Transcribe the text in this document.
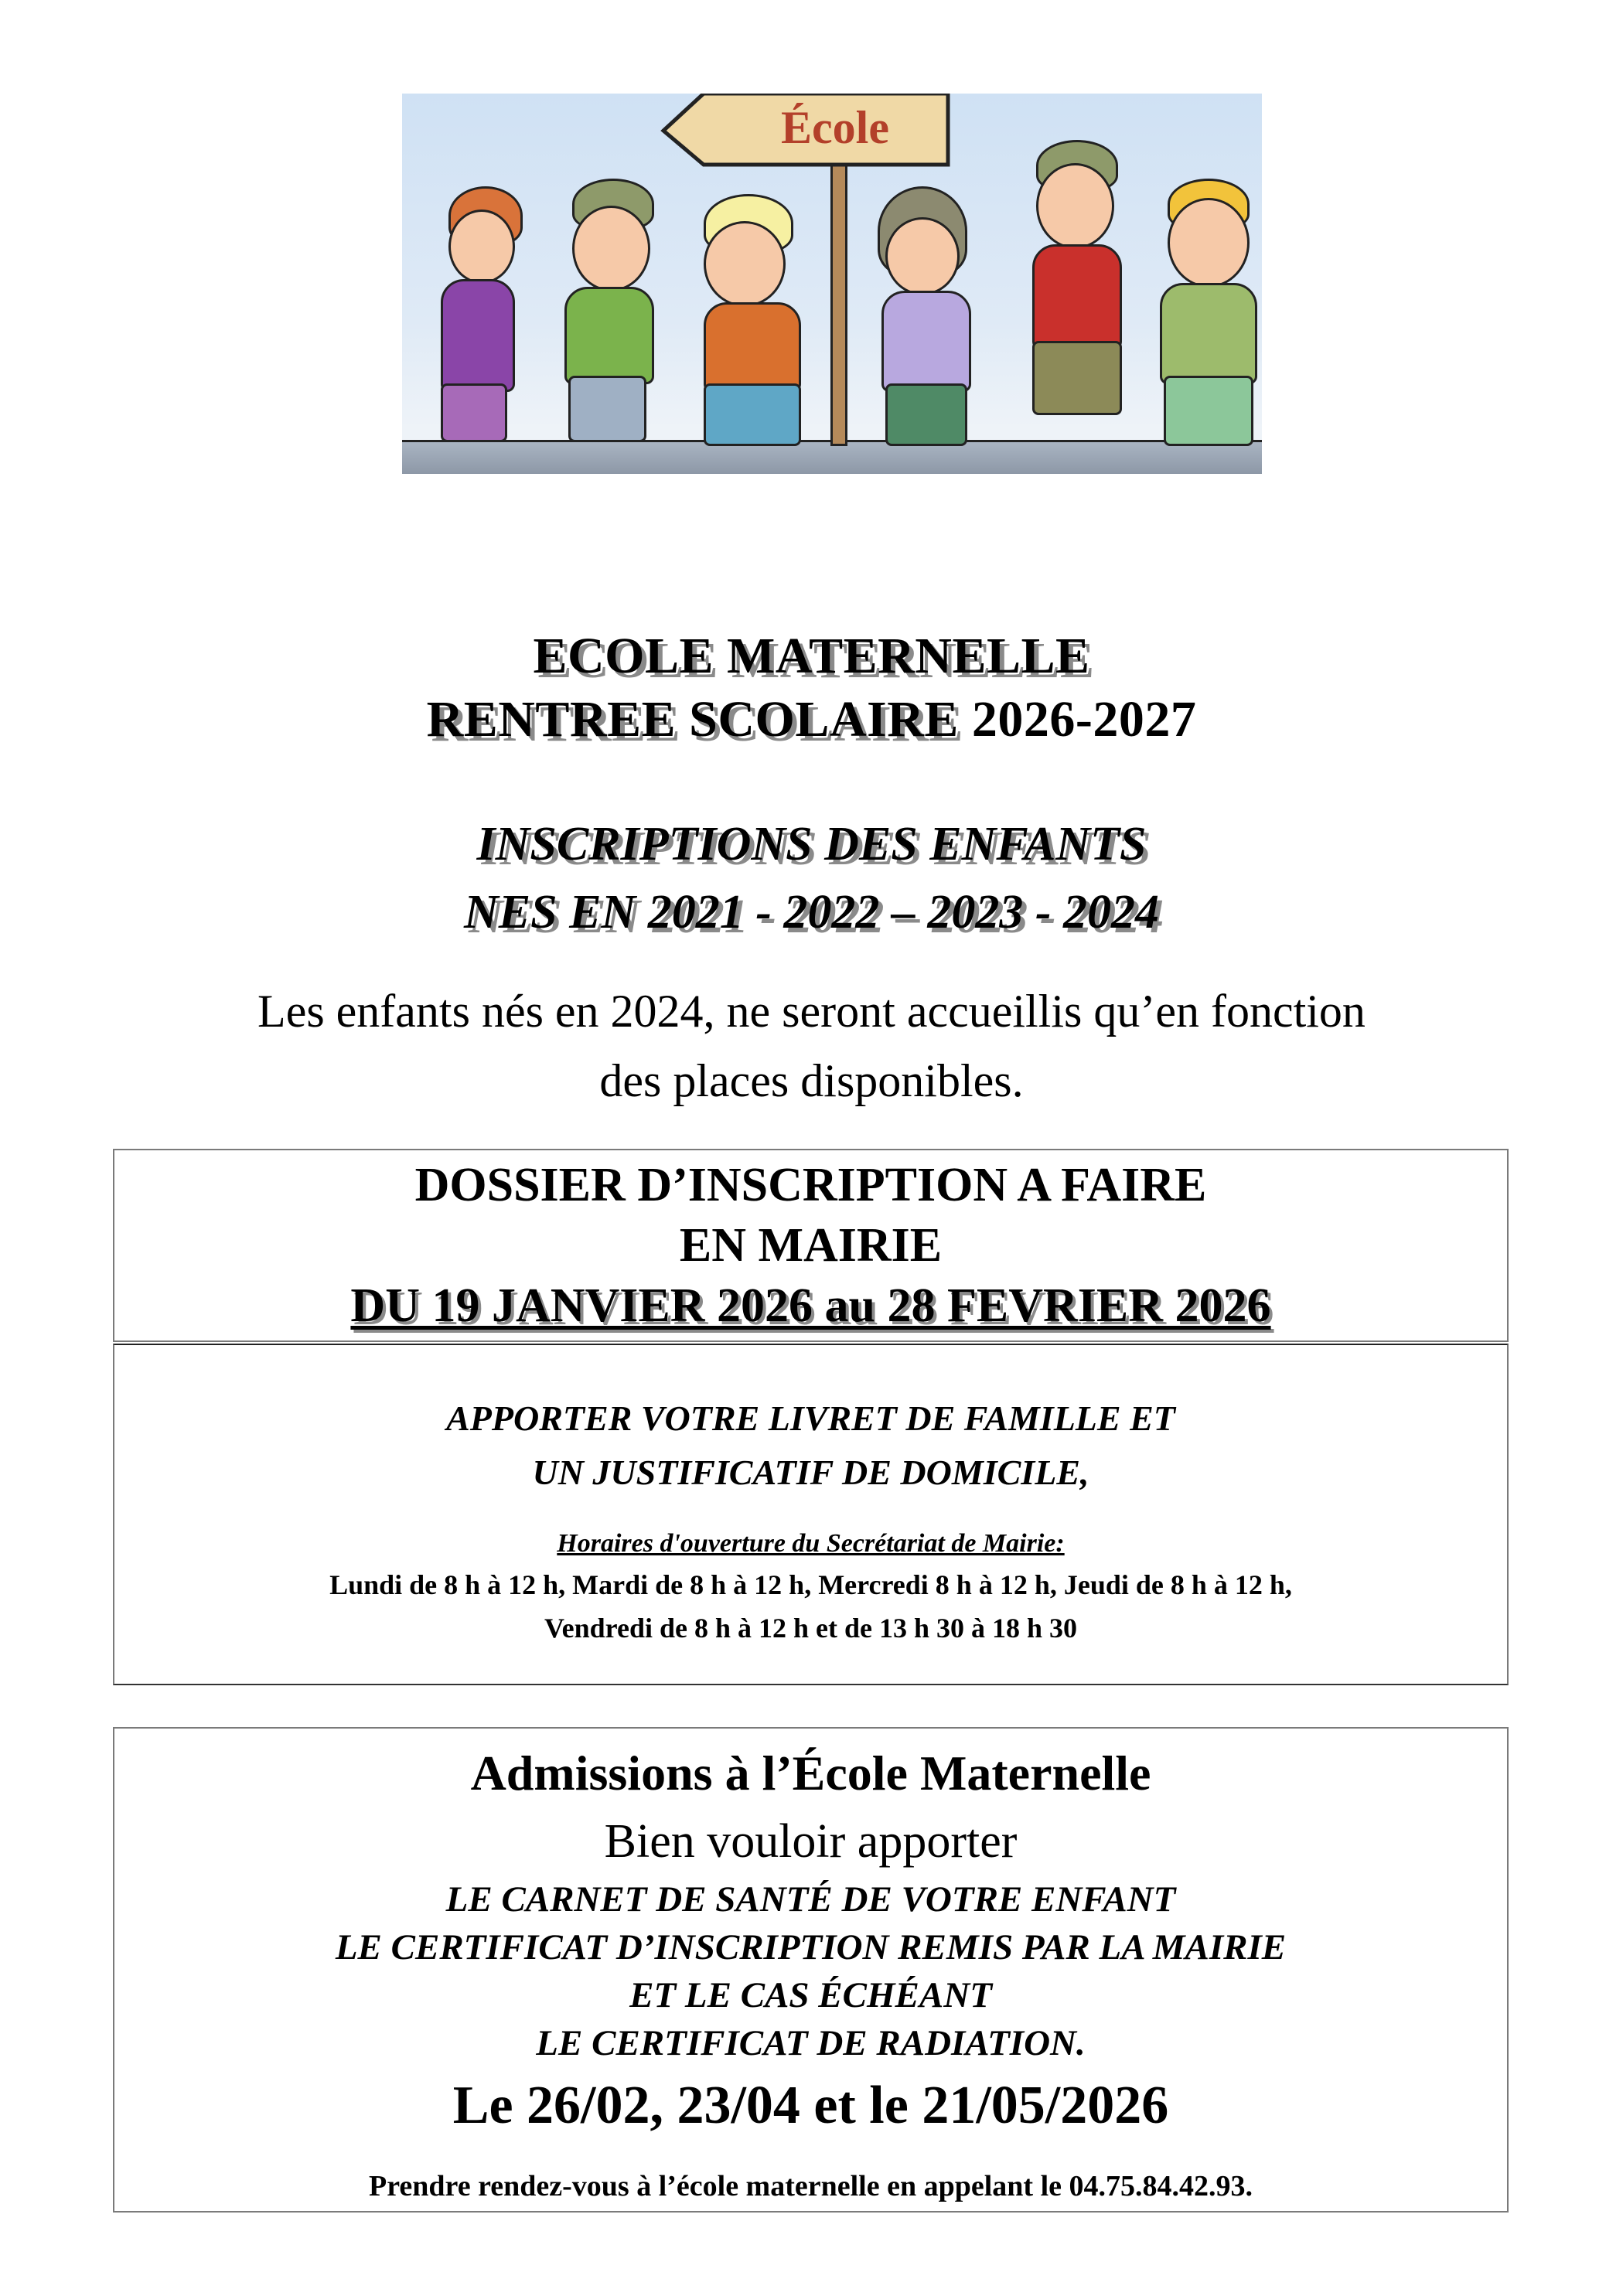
École
ECOLE MATERNELLE
RENTREE SCOLAIRE 2026-2027
INSCRIPTIONS DES ENFANTS
NES EN 2021 - 2022 – 2023 - 2024
Les enfants nés en 2024, ne seront accueillis qu’en fonction
des places disponibles.
DOSSIER D’INSCRIPTION A FAIRE
EN MAIRIE
DU 19 JANVIER 2026 au 28 FEVRIER 2026
APPORTER VOTRE LIVRET DE FAMILLE ET
UN JUSTIFICATIF DE DOMICILE,
Horaires d'ouverture du Secrétariat de Mairie:
Lundi de 8 h à 12 h, Mardi de 8 h à 12 h, Mercredi 8 h à 12 h, Jeudi de 8 h à 12 h,
Vendredi de 8 h à 12 h et de 13 h 30 à 18 h 30
Admissions à l’École Maternelle
Bien vouloir apporter
LE CARNET DE SANTÉ DE VOTRE ENFANT
LE CERTIFICAT D’INSCRIPTION REMIS PAR LA MAIRIE
ET LE CAS ÉCHÉANT
LE CERTIFICAT DE RADIATION.
Le 26/02, 23/04 et le 21/05/2026
Prendre rendez-vous à l’école maternelle en appelant le 04.75.84.42.93.
